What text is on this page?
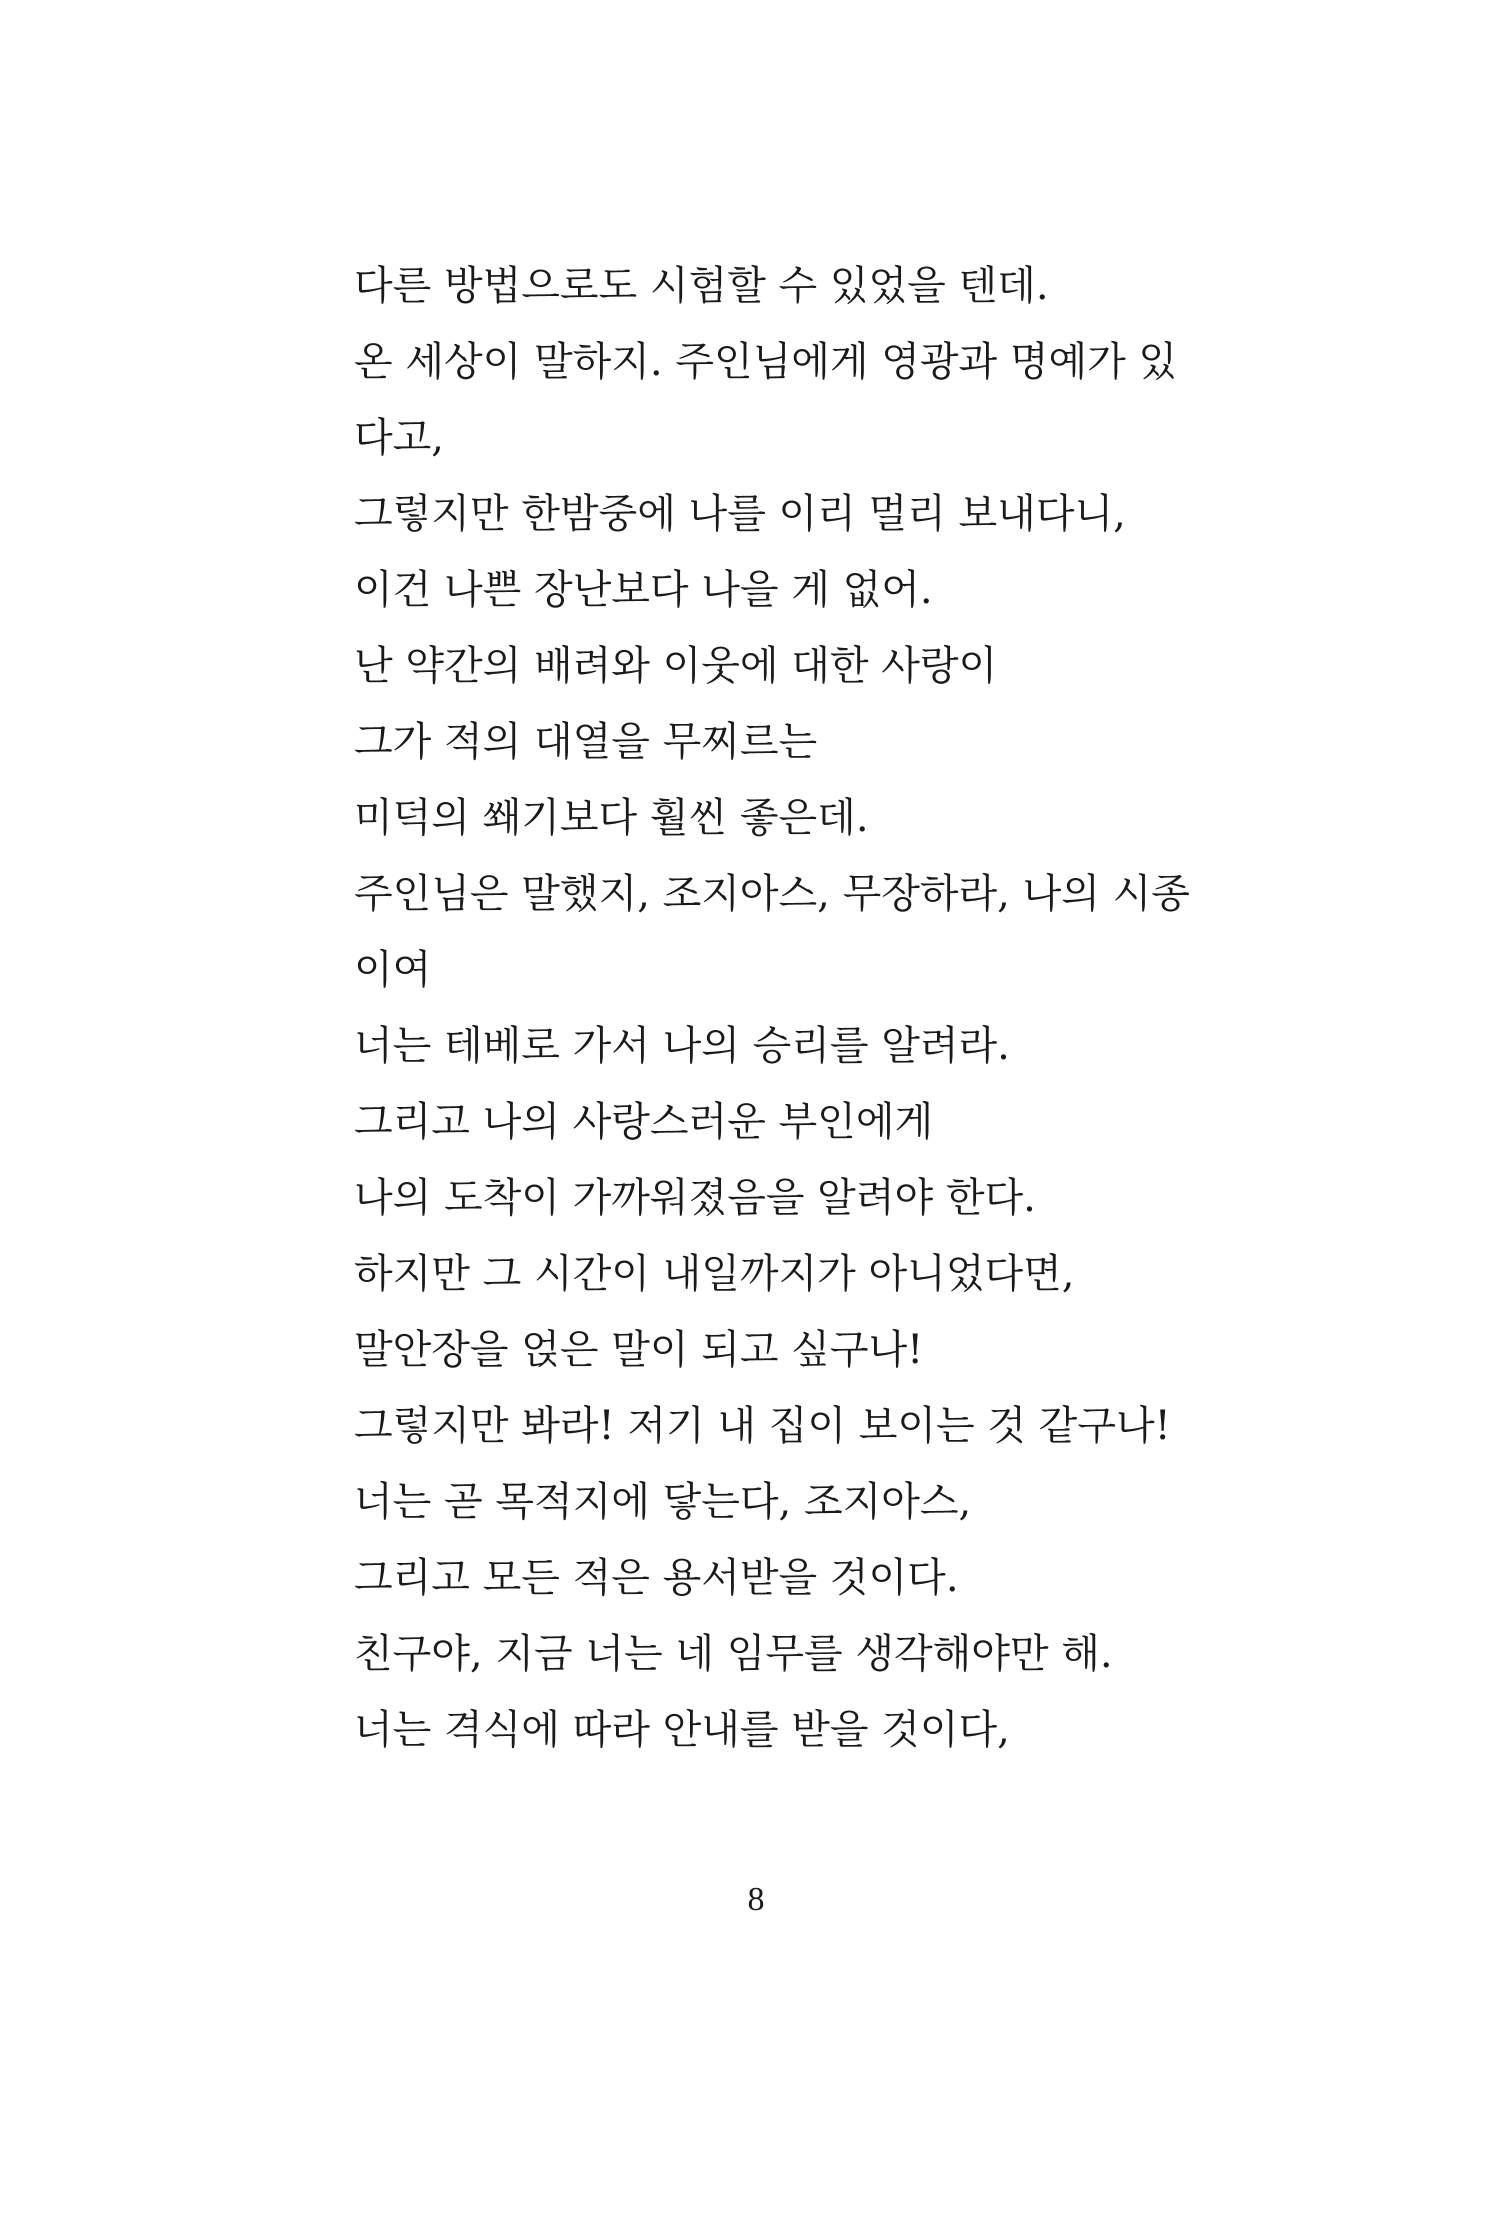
다른 방법으로도 시험할 수 있었을 텐데.
온 세상이 말하지. 주인님에게 영광과 명예가 있
다고,
그렇지만 한밤중에 나를 이리 멀리 보내다니,
이건 나쁜 장난보다 나을 게 없어.
난 약간의 배려와 이웃에 대한 사랑이
그가 적의 대열을 무찌르는
미덕의 쐐기보다 훨씬 좋은데.
주인님은 말했지, 조지아스, 무장하라, 나의 시종
이여
너는 테베로 가서 나의 승리를 알려라.
그리고 나의 사랑스러운 부인에게
나의 도착이 가까워졌음을 알려야 한다.
하지만 그 시간이 내일까지가 아니었다면,
말안장을 얹은 말이 되고 싶구나!
그렇지만 봐라! 저기 내 집이 보이는 것 같구나!
너는 곧 목적지에 닿는다, 조지아스,
그리고 모든 적은 용서받을 것이다.
친구야, 지금 너는 네 임무를 생각해야만 해.
너는 격식에 따라 안내를 받을 것이다,
8
